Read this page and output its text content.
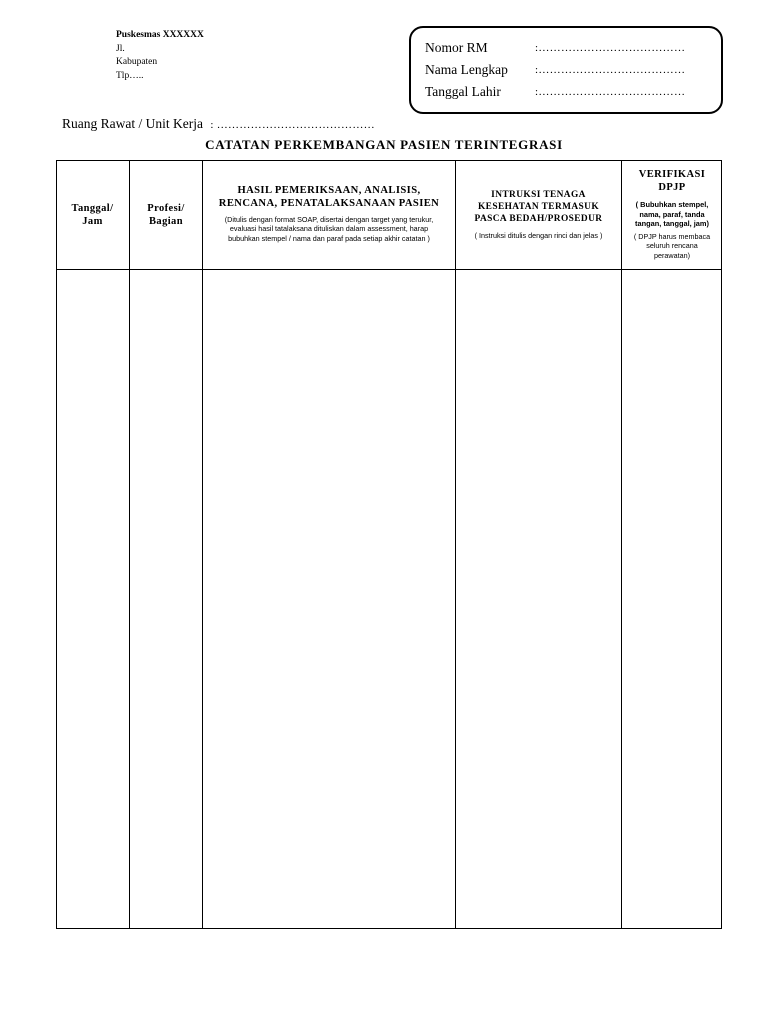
Puskesmas XXXXXX
Jl.
Kabupaten
Tlp…..
Nomor RM	:…………………………………
Nama Lengkap :…………………………………
Tanggal Lahir	:…………………………………
Ruang Rawat / Unit Kerja : ……………………………………
CATATAN PERKEMBANGAN PASIEN TERINTEGRASI
Tanggal/
Jam
Profesi/
Bagian
HASIL PEMERIKSAAN, ANALISIS,
RENCANA, PENATALAKSANAAN PASIEN
(Ditulis dengan format SOAP, disertai dengan target yang terukur,
evaluasi hasil tatalaksana dituliskan dalam assessment, harap
bubuhkan stempel / nama dan paraf pada setiap akhir catatan )
INTRUKSI TENAGA
KESEHATAN TERMASUK
PASCA BEDAH/PROSEDUR
( Instruksi ditulis dengan rinci dan jelas )
VERIFIKASI
DPJP
( Bubuhkan stempel,
nama, paraf, tanda
tangan, tanggal, jam)
( DPJP harus membaca
seluruh rencana
perawatan)
